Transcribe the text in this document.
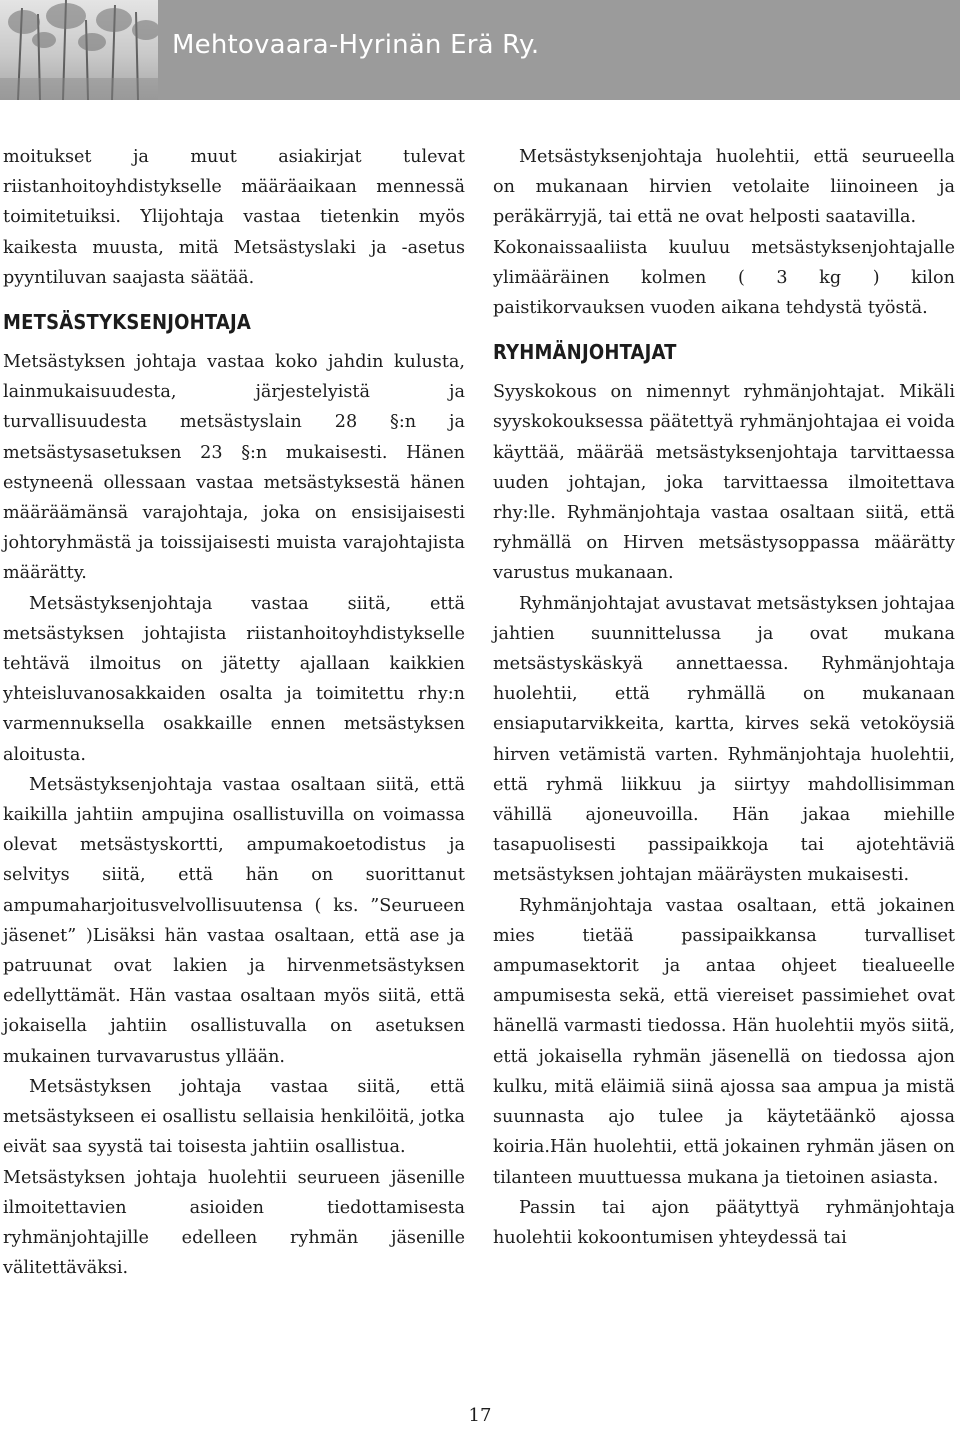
Mehtovaara-Hyrinän Erä Ry.

moitukset ja muut asiakirjat tulevat riistanhoitoyhdistykselle määräaikaan mennessä toimitetuiksi. Ylijohtaja vastaa tietenkin myös kaikesta muusta, mitä Metsästyslaki ja -asetus pyyntiluvan saajasta säätää.

METSÄSTYKSENJOHTAJA

Metsästyksen johtaja vastaa koko jahdin kulusta, lainmukaisuudesta, järjestelyistä ja turvallisuudesta metsästyslain 28 §:n ja metsästysasetuksen 23 §:n mukaisesti. Hänen estyneenä ollessaan vastaa metsästyksestä hänen määräämänsä varajohtaja, joka on ensisijaisesti johtoryhmästä ja toissijaisesti muista varajohtajista määrätty.

Metsästyksenjohtaja vastaa siitä, että metsästyksen johtajista riistanhoitoyhdistykselle tehtävä ilmoitus on jätetty ajallaan kaikkien yhteisluvanosakkaiden osalta ja toimitettu rhy:n varmennuksella osakkaille ennen metsästyksen aloitusta.

Metsästyksenjohtaja vastaa osaltaan siitä, että kaikilla jahtiin ampujina osallistuvilla on voimassa olevat metsästyskortti, ampumakoetodistus ja selvitys siitä, että hän on suorittanut ampumaharjoitusvelvollisuutensa ( ks. ”Seurueen jäsenet” )Lisäksi hän vastaa osaltaan, että ase ja patruunat ovat lakien ja hirvenmetsästyksen edellyttämät. Hän vastaa osaltaan myös siitä, että jokaisella jahtiin osallistuvalla on asetuksen mukainen turvavarustus yllään.

Metsästyksen johtaja vastaa siitä, että metsästykseen ei osallistu sellaisia henkilöitä, jotka eivät saa syystä tai toisesta jahtiin osallistua.

Metsästyksen johtaja huolehtii seurueen jäsenille ilmoitettavien asioiden tiedottamisesta ryhmänjohtajille edelleen ryhmän jäsenille välitettäväksi.

Metsästyksenjohtaja huolehtii, että seurueella on mukanaan hirvien vetolaite liinoineen ja peräkärryjä, tai että ne ovat helposti saatavilla.

Kokonaissaaliista kuuluu metsästyksenjohtajalle ylimääräinen kolmen ( 3 kg ) kilon paistikorvauksen vuoden aikana tehdystä työstä.

RYHMÄNJOHTAJAT

Syyskokous on nimennyt ryhmänjohtajat. Mikäli syyskokouksessa päätettyä ryhmänjohtajaa ei voida käyttää, määrää metsästyksenjohtaja tarvittaessa uuden johtajan, joka tarvittaessa ilmoitettava rhy:lle. Ryhmänjohtaja vastaa osaltaan siitä, että ryhmällä on Hirven metsästysoppassa määrätty varustus mukanaan.

Ryhmänjohtajat avustavat metsästyksen johtajaa jahtien suunnittelussa ja ovat mukana metsästyskäskyä annettaessa. Ryhmänjohtaja huolehtii, että ryhmällä on mukanaan ensiaputarvikkeita, kartta, kirves sekä vetoköysiä hirven vetämistä varten. Ryhmänjohtaja huolehtii, että ryhmä liikkuu ja siirtyy mahdollisimman vähillä ajoneuvoilla. Hän jakaa miehille tasapuolisesti passipaikkoja tai ajotehtäviä metsästyksen johtajan määräysten mukaisesti.

Ryhmänjohtaja vastaa osaltaan, että jokainen mies tietää passipaikkansa turvalliset ampumasektorit ja antaa ohjeet tiealueelle ampumisesta sekä, että viereiset passimiehet ovat hänellä varmasti tiedossa. Hän huolehtii myös siitä, että jokaisella ryhmän jäsenellä on tiedossa ajon kulku, mitä eläimiä siinä ajossa saa ampua ja mistä suunnasta ajo tulee ja käytetäänkö ajossa koiria.Hän huolehtii, että jokainen ryhmän jäsen on tilanteen muuttuessa mukana ja tietoinen asiasta.

Passin tai ajon päätyttyä ryhmänjohtaja huolehtii kokoontumisen yhteydessä tai

17
